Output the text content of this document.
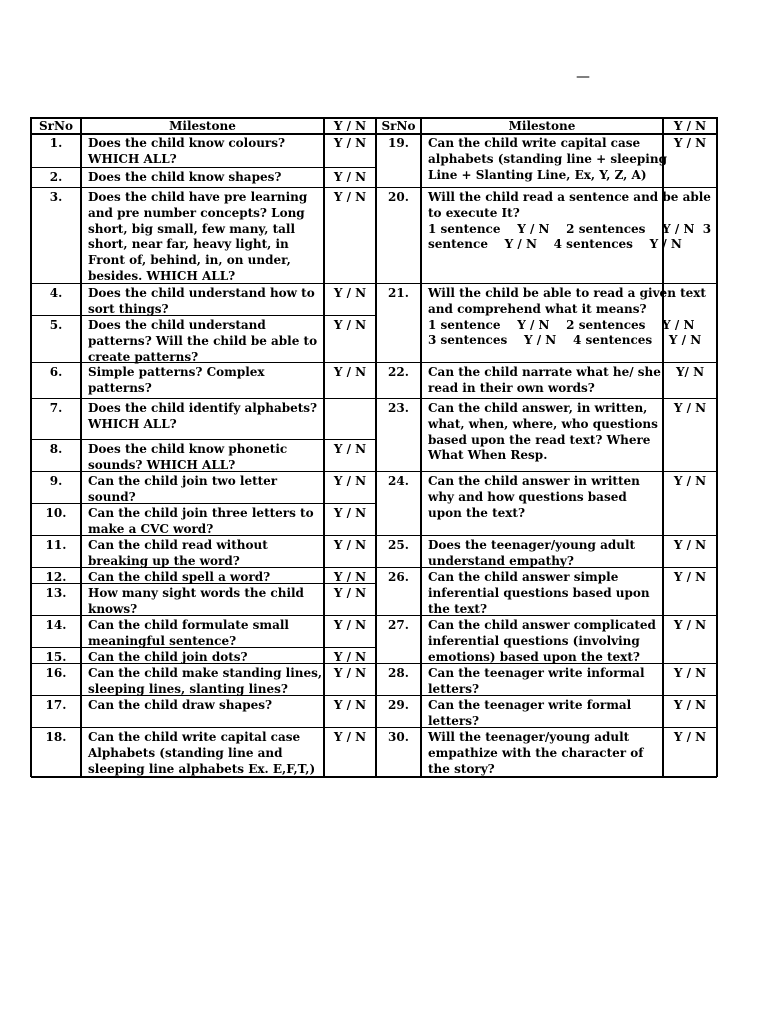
—
SrNo	Milestone	Y / N	SrNo	Milestone	Y / N
1.	Does the child know colours?
WHICH ALL?
Y / N
2.	Does the child know shapes?	Y / N
3.	Does the child have pre learning
and pre number concepts? Long
short, big small, few many, tall
short, near far, heavy light, in
Front of, behind, in, on under,
besides. WHICH ALL?
Y / N
4.	Does the child understand how to
sort things?
Y / N
5.	Does the child understand
patterns? Will the child be able to
create patterns?
Y / N
6.	Simple patterns? Complex
patterns?
Y / N
7.	Does the child identify alphabets?
WHICH ALL?
8.	Does the child know phonetic
sounds? WHICH ALL?
Y / N
9.	Can the child join two letter
sound?
Y / N
10.	Can the child join three letters to
make a CVC word?
Y / N
11.	Can the child read without
breaking up the word?
Y / N
12.	Can the child spell a word?	Y / N
13.	How many sight words the child
knows?
Y / N
14.	Can the child formulate small
meaningful sentence?
Y / N
15.	Can the child join dots?	Y / N
16.	Can the child make standing lines,
sleeping lines, slanting lines?
Y / N
17.	Can the child draw shapes?	Y / N
18.	Can the child write capital case
Alphabets (standing line and
sleeping line alphabets Ex. E,F,T,)
Y / N
19.	Can the child write capital case
alphabets (standing line + sleeping
Line + Slanting Line, Ex, Y, Z, A)
Y / N
20.	Will the child read a sentence and be able
to execute It?
1 sentence    Y / N    2 sentences    Y / N  3
sentence    Y / N    4 sentences    Y / N
21.	Will the child be able to read a given text
and comprehend what it means?
1 sentence    Y / N    2 sentences    Y / N
3 sentences    Y / N    4 sentences    Y / N
22.	Can the child narrate what he/ she
read in their own words?
Y/ N
23.	Can the child answer, in written,
what, when, where, who questions
based upon the read text? Where
What When Resp.
Y / N
24.	Can the child answer in written
why and how questions based
upon the text?
Y / N
25.	Does the teenager/young adult
understand empathy?
Y / N
26.	Can the child answer simple
inferential questions based upon
the text?
Y / N
27.	Can the child answer complicated
inferential questions (involving
emotions) based upon the text?
Y / N
28.	Can the teenager write informal
letters?
Y / N
29.	Can the teenager write formal
letters?
Y / N
30.	Will the teenager/young adult
empathize with the character of
the story?
Y / N
